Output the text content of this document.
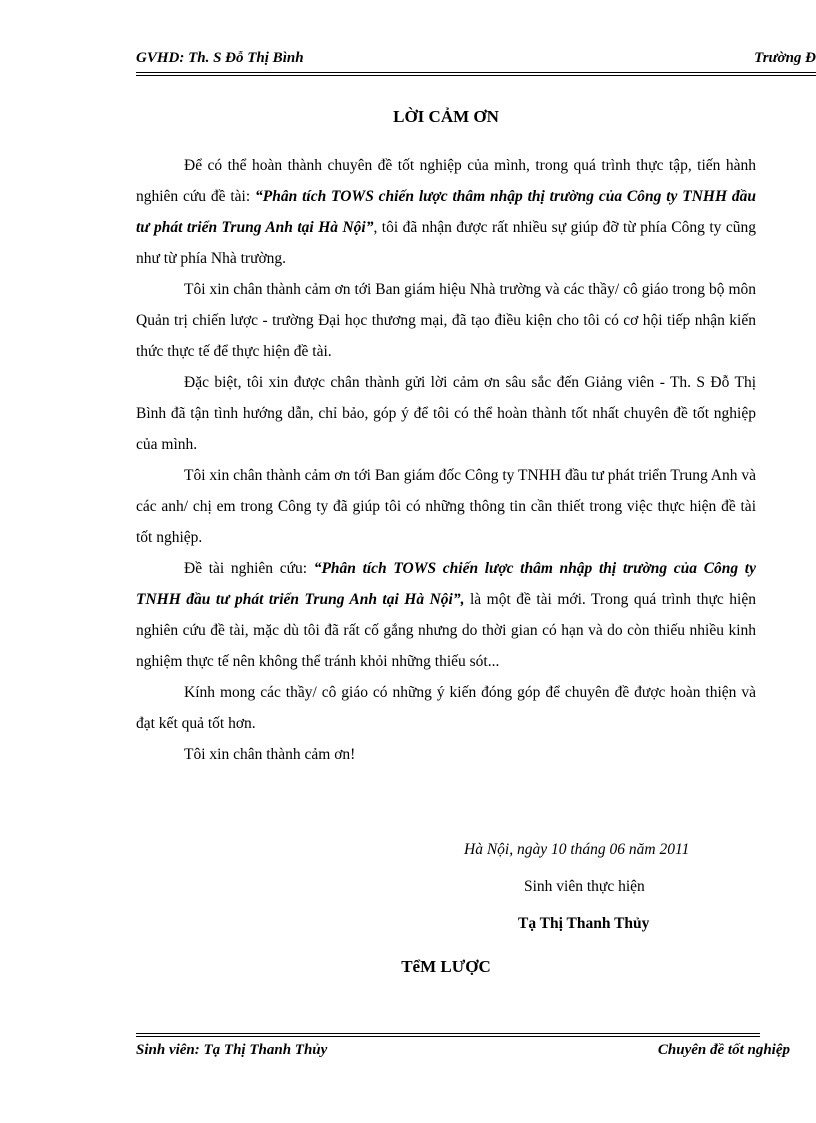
GVHD: Th. S Đỗ Thị Bình	Trường Đ
LỜI CẢM ƠN

Để có thể hoàn thành chuyên đề tốt nghiệp của mình, trong quá trình thực tập, tiến hành nghiên cứu đề tài: “Phân tích TOWS chiến lược thâm nhập thị trường của Công ty TNHH đầu tư phát triển Trung Anh tại Hà Nội”, tôi đã nhận được rất nhiều sự giúp đỡ từ phía Công ty cũng như từ phía Nhà trường.

Tôi xin chân thành cảm ơn tới Ban giám hiệu Nhà trường và các thầy/ cô giáo trong bộ môn Quản trị chiến lược - trường Đại học thương mại, đã tạo điều kiện cho tôi có cơ hội tiếp nhận kiến thức thực tế để thực hiện đề tài.

Đặc biệt, tôi xin được chân thành gửi lời cảm ơn sâu sắc đến Giảng viên - Th. S Đỗ Thị Bình đã tận tình hướng dẫn, chỉ bảo, góp ý để tôi có thể hoàn thành tốt nhất chuyên đề tốt nghiệp của mình.

Tôi xin chân thành cảm ơn tới Ban giám đốc Công ty TNHH đầu tư phát triển Trung Anh và các anh/ chị em trong Công ty đã giúp tôi có những thông tin cần thiết trong việc thực hiện đề tài tốt nghiệp.

Đề tài nghiên cứu: “Phân tích TOWS chiến lược thâm nhập thị trường của Công ty TNHH đầu tư phát triển Trung Anh tại Hà Nội”, là một đề tài mới. Trong quá trình thực hiện nghiên cứu đề tài, mặc dù tôi đã rất cố gắng nhưng do thời gian có hạn và do còn thiếu nhiều kinh nghiệm thực tế nên không thể tránh khỏi những thiếu sót...

Kính mong các thầy/ cô giáo có những ý kiến đóng góp để chuyên đề được hoàn thiện và đạt kết quả tốt hơn.

Tôi xin chân thành cảm ơn!

Hà Nội, ngày 10 tháng 06 năm 2011
Sinh viên thực hiện
Tạ Thị Thanh Thủy
TểM LƯỢC
Sinh viên: Tạ Thị Thanh Thủy	Chuyên đề tốt nghiệp
